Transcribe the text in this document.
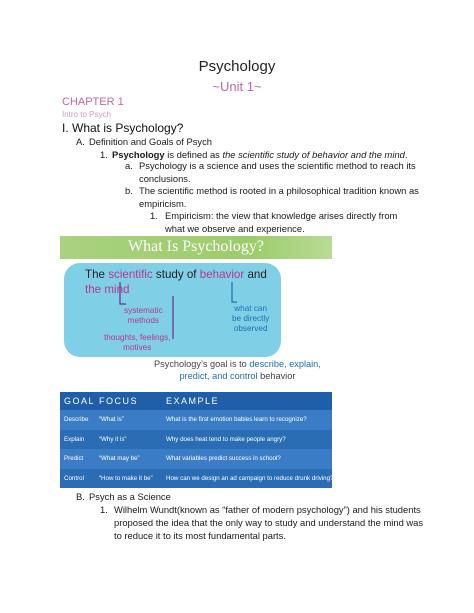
Psychology
~Unit 1~
CHAPTER 1
Intro to Psych
I. What is Psychology?
A. Definition and Goals of Psych
1. Psychology is defined as the scientific study of behavior and the mind.
a. Psychology is a science and uses the scientific method to reach its
conclusions.
b. The scientific method is rooted in a philosophical tradition known as
empiricism.
1. Empiricism: the view that knowledge arises directly from
what we observe and experience.
What Is Psychology?
The scientific study of behavior and
the mind
systematic
methods
thoughts, feelings,
motives
what can
be directly
observed
Psychology’s goal is to describe, explain,
predict, and control behavior
GOAL FOCUS	EXAMPLE
Describe “What is”	What is the first emotion babies learn to recognize?
Explain “Why it is”	Why does heat tend to make people angry?
Predict	“What may be”	What variables predict success in school?
Control “How to make it be” How can we design an ad campaign to reduce drunk driving?
B. Psych as a Science
1. Wilhelm Wundt(known as “father of modern psychology”) and his students
proposed the idea that the only way to study and understand the mind was
to reduce it to its most fundamental parts.
